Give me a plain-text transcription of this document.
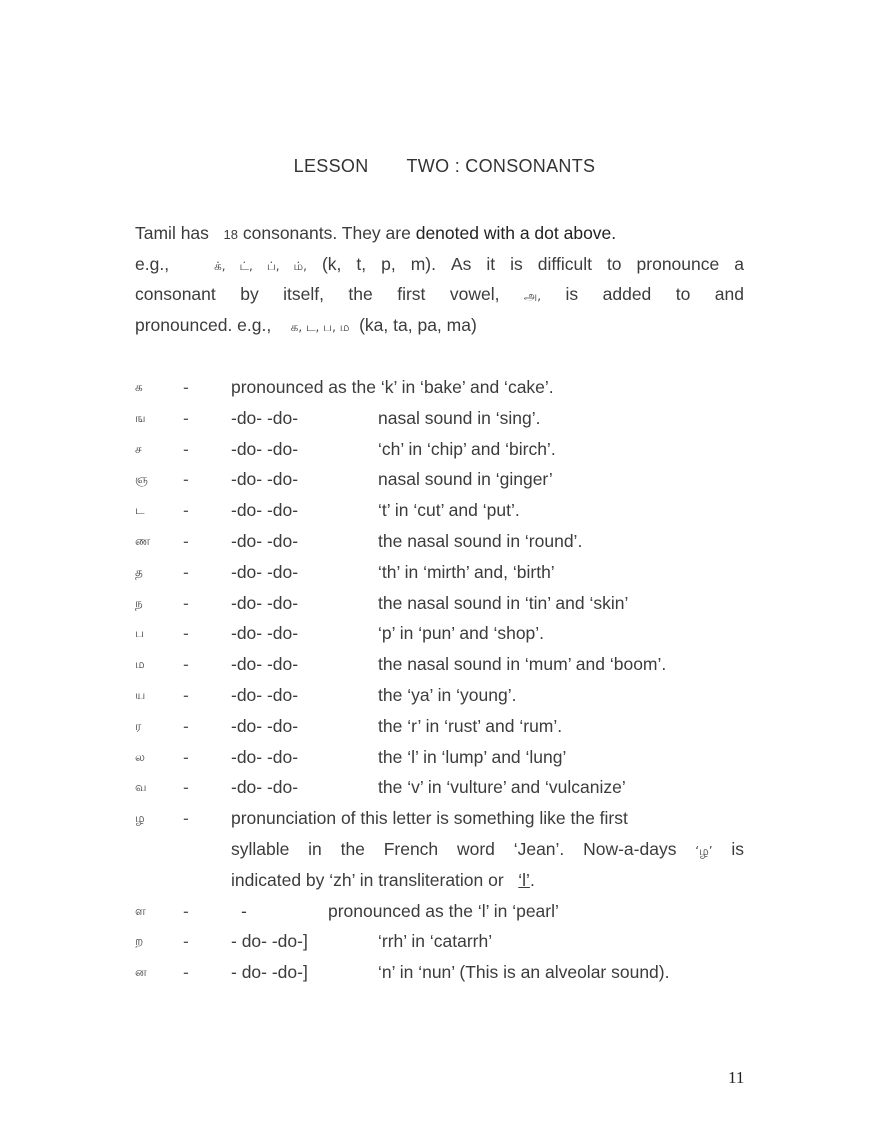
LESSON TWO : CONSONANTS
Tamil has 18 consonants. They are denoted with a dot above.
e.g.,	க், ட், ப், ம், (k, t, p, m). As it is difficult to pronounce a
consonant by itself, the first vowel, அ, is added to and
pronounced. e.g., க, ட, ப, ம (ka, ta, pa, ma)
க	-	pronounced as the ‘k’ in ‘bake’ and ‘cake’.
ங	-	-do- -do-	nasal sound in ‘sing’.
ச	-	-do- -do-	‘ch’ in ‘chip’ and ‘birch’.
ஞ	-	-do- -do-	nasal sound in ‘ginger’
ட	-	-do- -do-	‘t’ in ‘cut’ and ‘put’.
ண	-	-do- -do-	the nasal sound in ‘round’.
த	-	-do- -do-	‘th’ in ‘mirth’ and, ‘birth’
ந	-	-do- -do-	the nasal sound in ‘tin’ and ‘skin’
ப	-	-do- -do-	‘p’ in ‘pun’ and ‘shop’.
ம	-	-do- -do-	the nasal sound in ‘mum’ and ‘boom’.
ய	-	-do- -do-	the ‘ya’ in ‘young’.
ர	-	-do- -do-	the ‘r’ in ‘rust’ and ‘rum’.
ல	-	-do- -do-	the ‘l’ in ‘lump’ and ‘lung’
வ	-	-do- -do-	the ‘v’ in ‘vulture’ and ‘vulcanize’
ழ	-	pronunciation of this letter is something like the first
syllable in the French word ‘Jean’. Now-a-days ‘ழ’ is
indicated by ‘zh’ in transliteration or ‘l’.
ள	-	-	pronounced as the ‘l’ in ‘pearl’
ற	-	- do- -do-]	‘rrh’ in ‘catarrh’
ன	-	- do- -do-]	‘n’ in ‘nun’ (This is an alveolar sound).
11
